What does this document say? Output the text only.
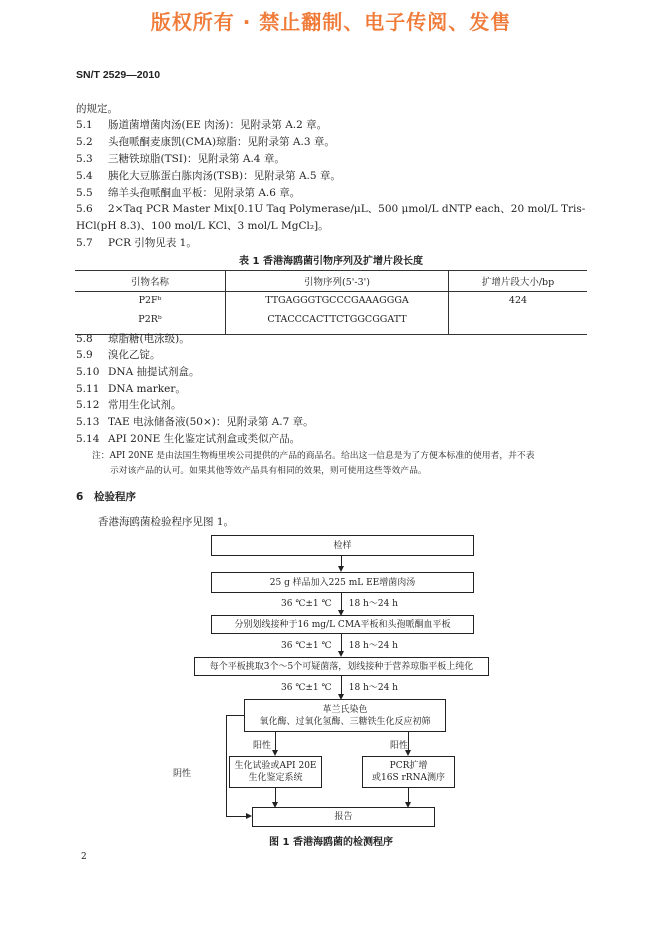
版权所有 · 禁止翻制、电子传阅、发售
SN/T 2529—2010
的规定。
5.1 肠道菌增菌肉汤(EE 肉汤)：见附录第 A.2 章。
5.2 头孢哌酮麦康凯(CMA)琼脂：见附录第 A.3 章。
5.3 三糖铁琼脂(TSI)：见附录第 A.4 章。
5.4 胰化大豆胨蛋白胨肉汤(TSB)：见附录第 A.5 章。
5.5 绵羊头孢哌酮血平板：见附录第 A.6 章。
5.6 2×Taq PCR Master Mix[0.1U Taq Polymerase/μL、500 μmol/L dNTP each、20 mol/L Tris-
HCl(pH 8.3)、100 mol/L KCl、3 mol/L MgCl₂]。
5.7 PCR 引物见表 1。
表 1 香港海鸥菌引物序列及扩增片段长度
引物名称	引物序列(5'-3')	扩增片段大小/bp
P2Fᵇ	TTGAGGGTGCCCGAAAGGGA	424
P2Rᵇ	CTACCCACTTCTGGCGGATT	
5.8 琼脂糖(电泳级)。
5.9 溴化乙锭。
5.10 DNA 抽提试剂盒。
5.11 DNA marker。
5.12 常用生化试剂。
5.13 TAE 电泳储备液(50×)：见附录第 A.7 章。
5.14 API 20NE 生化鉴定试剂盒或类似产品。
注：API 20NE 是由法国生物梅里埃公司提供的产品的商品名。给出这一信息是为了方便本标准的使用者，并不表
示对该产品的认可。如果其他等效产品具有相同的效果，则可使用这些等效产品。
6 检验程序
香港海鸥菌检验程序见图 1。
检样
25 g 样品加入225 mL EE增菌肉汤
36 ℃±1 ℃      18 h～24 h
分别划线接种于16 mg/L CMA平板和头孢哌酮血平板
36 ℃±1 ℃      18 h～24 h
每个平板挑取3个～5个可疑菌落，划线接种于营养琼脂平板上纯化
36 ℃±1 ℃      18 h～24 h
革兰氏染色
氧化酶、过氧化氢酶、三糖铁生化反应初筛
阳性	阳性
生化试验或API 20E
生化鉴定系统
PCR扩增
或16S rRNA测序
阴性
报告
图 1 香港海鸥菌的检测程序
2
